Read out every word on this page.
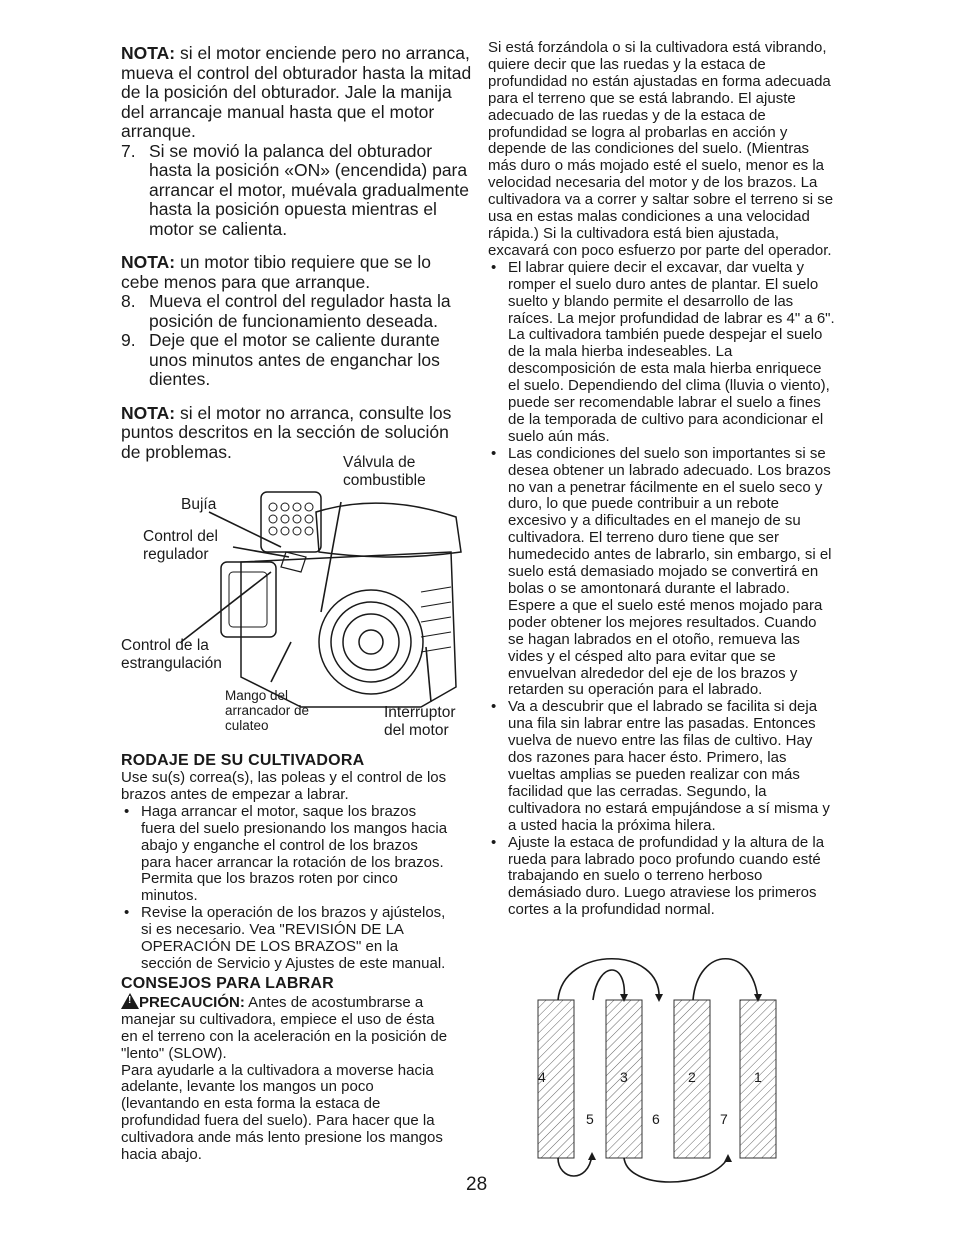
NOTA: si el motor enciende pero no arranca, mueva el control del obturador hasta la mitad de la posición del obturador. Jale la manija del arrancaje manual hasta que el motor arranque.

7. Si se movió la palanca del obturador hasta la posición «ON» (encendida) para arrancar el motor, muévala gradualmente hasta la posición opuesta mientras el motor se calienta.

NOTA: un motor tibio requiere que se lo cebe menos para que arranque.

8. Mueva el control del regulador hasta la posición de funcionamiento deseada.
9. Deje que el motor se caliente durante unos minutos antes de enganchar los dientes.

NOTA: si el motor no arranca, consulte los puntos descritos en la sección de solución de problemas.

Válvula de
combustible
Bujía
Control del
regulador
Control de la
estrangulación
Mango del
arrancador de
culateo
Interruptor
del motor
RODAJE DE SU CULTIVADORA

Use su(s) correa(s), las poleas y el control de los brazos antes de empezar a labrar.

• Haga arrancar el motor, saque los brazos fuera del suelo presionando los mangos hacia abajo y enganche el control de los brazos para hacer arrancar la rotación de los brazos. Permita que los brazos roten por cinco minutos.
• Revise la operación de los brazos y ajústelos, si es necesario. Vea "REVISIÓN DE LA OPERACIÓN DE LOS BRAZOS" en la sección de Servicio y Ajustes de este manual.
CONSEJOS PARA LABRAR

!PRECAUCIÓN: Antes de acostumbrarse a manejar su cultivadora, empiece el uso de ésta en el terreno con la aceleración en la posición de "lento" (SLOW).

Para ayudarle a la cultivadora a moverse hacia adelante, levante los mangos un poco (levantando en esta forma la estaca de profundidad fuera del suelo). Para hacer que la cultivadora ande más lento presione los mangos hacia abajo.

Si está forzándola o si la cultivadora está vibrando, quiere decir que las ruedas y la estaca de profundidad no están ajustadas en forma adecuada para el terreno que se está labrando. El ajuste adecuado de las ruedas y de la estaca de profundidad se logra al probarlas en acción y depende de las condiciones del suelo. (Mientras más duro o más mojado esté el suelo, menor es la velocidad necesaria del motor y de los brazos. La cultivadora va a correr y saltar sobre el terreno si se usa en estas malas condiciones a una velocidad rápida.) Si la cultivadora está bien ajustada, excavará con poco esfuerzo por parte del operador.

• El labrar quiere decir el excavar, dar vuelta y romper el suelo duro antes de plantar. El suelo suelto y blando permite el desarrollo de las raíces. La mejor profundidad de labrar es 4" a 6". La cultivadora también puede despejar el suelo de la mala hierba indeseables. La descomposición de esta mala hierba enriquece el suelo. Dependiendo del clima (lluvia o viento), puede ser recomendable labrar el suelo a fines de la temporada de cultivo para acondicionar el suelo aún más.
• Las condiciones del suelo son importantes si se desea obtener un labrado adecuado. Los brazos no van a penetrar fácilmente en el suelo seco y duro, lo que puede contribuir a un rebote excesivo y a dificultades en el manejo de su cultivadora. El terreno duro tiene que ser humedecido antes de labrarlo, sin embargo, si el suelo está demasiado mojado se convertirá en bolas o se amontonará durante el labrado. Espere a que el suelo esté menos mojado para poder obtener los mejores resultados. Cuando se hagan labrados en el otoño, remueva las vides y el césped alto para evitar que se envuelvan alrededor del eje de los brazos y retarden su operación para el labrado.
• Va a descubrir que el labrado se facilita si deja una fila sin labrar entre las pasadas. Entonces vuelva de nuevo entre las filas de cultivo. Hay dos razones para hacer ésto. Primero, las vueltas amplias se pueden realizar con más facilidad que las cerradas. Segundo, la cultivadora no estará empujándose a sí misma y a usted hacia la próxima hilera.
• Ajuste la estaca de profundidad y la altura de la rueda para labrado poco profundo cuando esté trabajando en suelo o terreno herboso demásiado duro. Luego atraviese los primeros cortes a la profundidad normal.
4	3	2	1
5	6	7
28
